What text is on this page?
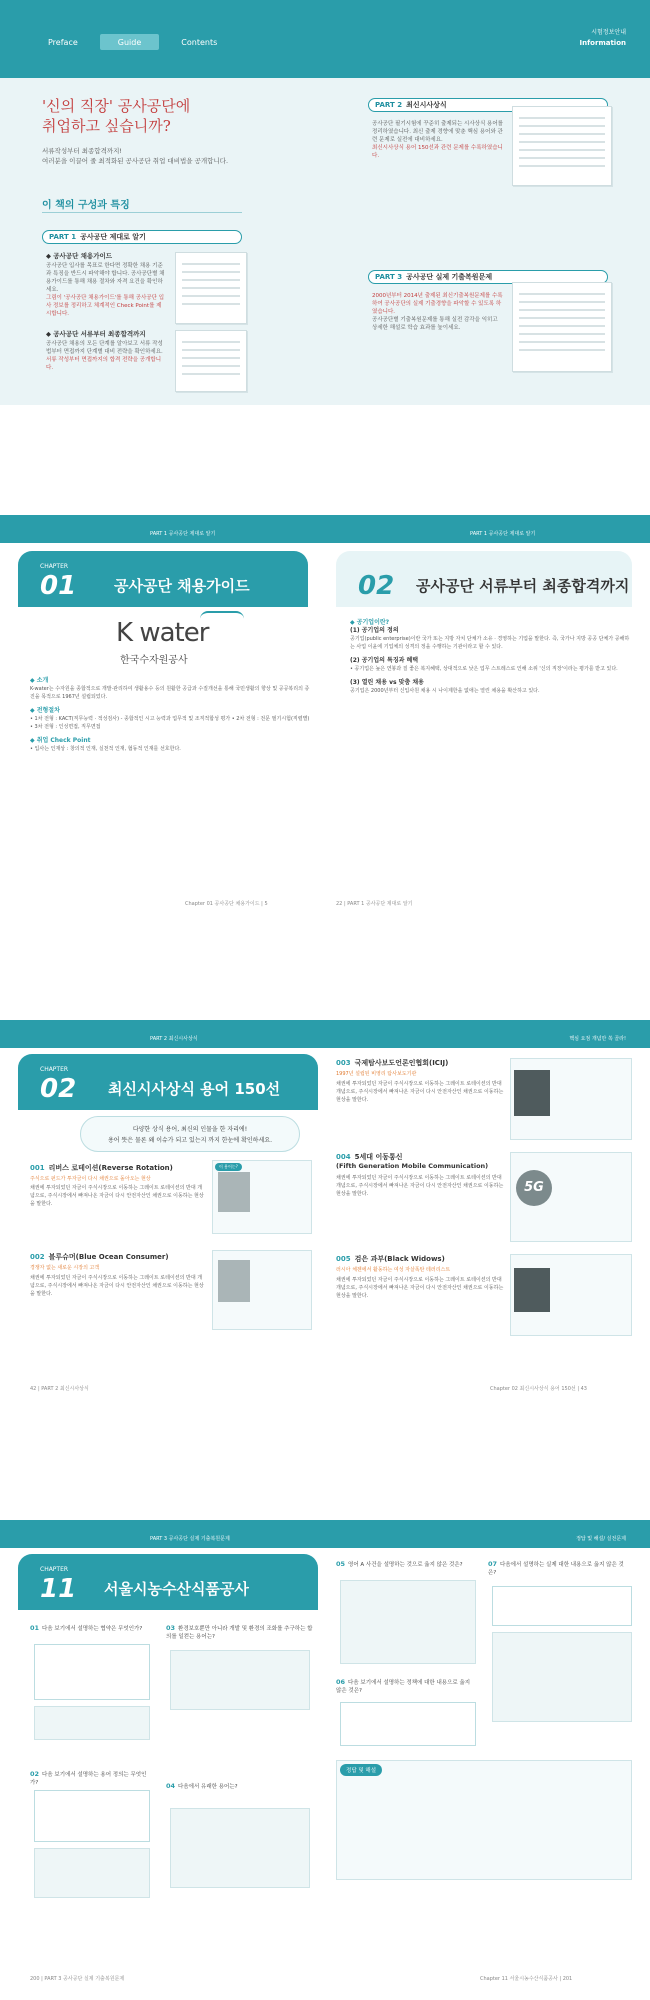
Preface	Guide	Contents
시험정보안내
Information
'신의 직장' 공사공단에
취업하고 싶습니까?

서류작성부터 최종합격까지!
여러분을 이끌어 줄 최적화된 공사공단 취업 대비법을 공개합니다.

이 책의 구성과 특징
PART 1 공사공단 제대로 알기
◆ 공사공단 채용가이드
공사공단 입사를 목표로 한다면 정확한 채용 기준과 특징을 반드시 파악해야 합니다. 공사공단별 채용가이드를 통해 채용 절차와 자격 요건을 확인하세요.
그림이 '공사공단 채용가이드'를 통해 공사공단 입사 정보를 정리하고 체계적인 Check Point를 제시합니다.
◆ 공사공단 서류부터 최종합격까지
공사공단 채용의 모든 단계를 알아보고 서류 작성법부터 면접까지 단계별 대비 전략을 확인하세요.
서류 작성부터 면접까지의 합격 전략을 공개합니다.
PART 2 최신시사상식
공사공단 필기시험에 꾸준히 출제되는 시사상식 용어를 정리하였습니다. 최신 출제 경향에 맞춘 핵심 용어와 관련 문제로 실전에 대비하세요.
최신시사상식 용어 150선과 관련 문제를 수록하였습니다.
PART 3 공사공단 실제 기출복원문제
2000년부터 2014년 출제된 최신기출복원문제를 수록하여 공사공단의 실제 기출경향을 파악할 수 있도록 하였습니다.
공사공단별 기출복원문제를 통해 실전 감각을 익히고 상세한 해설로 학습 효과를 높이세요.
PART 1 공사공단 제대로 알기	PART 1 공사공단 제대로 알기
CHAPTER
01	공사공단 채용가이드	02 공사공단 서류부터 최종합격까지
K water
한국수자원공사
◆ 소개
K-water는 수자원을 종합적으로 개발·관리하여 생활용수 등의 원활한 공급과 수질개선을 통해 국민생활의 향상 및 공공복리의 증진을 목적으로 1967년 설립되었다.
◆ 전형절차
• 1차 전형 : KACT(직무능력 · 적성검사) - 종합적인 시고 능력과 업무적 및 조직적합성 평가 • 2차 전형 : 전문 필기시험(직렬별) • 3차 전형 : 인성면접, 직무면접
◆ 취업 Check Point
• 입사는 인재상 : 창의적 인재, 실천적 인재, 협동적 인재를 선호한다.
◆ 공기업이란?
(1) 공기업의 정의
공기업(public enterprise)이란 국가 또는 지방 자치 단체가 소유 · 경영하는 기업을 말한다. 즉, 국가나 지방 공공 단체가 공해하는 사업 이윤에 기업체의 성격의 정을 수행하는 기관이라고 할 수 있다.
(2) 공기업의 특징과 혜택
• 공기업은 높은 연봉과 질 좋은 복지혜택, 상대적으로 낮은 업무 스트레스로 인해 소위 '신의 직장'이라는 평가를 받고 있다.
(3) 열린 채용 vs 맞춤 채용
공기업은 2000년부터 신입사원 채용 시 나이제한을 없애는 열린 채용을 확산하고 있다.
Chapter 01 공사공단 채용가이드 | 5	22 | PART 1 공사공단 제대로 알기
PART 2 최신시사상식	핵심 요점 개념만 쏙 골라!
CHAPTER
02 최신시사상식 용어 150선
다양한 상식 용어, 최신의 인물을 한 자리에!
용어 뜻은 물론 왜 이슈가 되고 있는지 까지 한눈에 확인하세요.
001 리버스 로테이션(Reverse Rotation)
주식으로 펀드가 투자금이 다시 채권으로 돌아오는 현상
채권에 투자되었던 자금이 주식시장으로 이동하는 그레이트 로테이션의 반대 개념으로, 주식시장에서 빠져나온 자금이 다시 안전자산인 채권으로 이동하는 현상을 말한다.
이 용어는?
002 블루슈머(Blue Ocean Consumer)
경쟁자 없는 새로운 시장의 고객
채권에 투자되었던 자금이 주식시장으로 이동하는 그레이트 로테이션의 반대 개념으로, 주식시장에서 빠져나온 자금이 다시 안전자산인 채권으로 이동하는 현상을 말한다.
003 국제탐사보도언론인협회(ICIJ)
1997년 설립된 비영리 탐사보도기관
채권에 투자되었던 자금이 주식시장으로 이동하는 그레이트 로테이션의 반대 개념으로, 주식시장에서 빠져나온 자금이 다시 안전자산인 채권으로 이동하는 현상을 말한다.
004 5세대 이동통신
(Fifth Generation Mobile Communication)
채권에 투자되었던 자금이 주식시장으로 이동하는 그레이트 로테이션의 반대 개념으로, 주식시장에서 빠져나온 자금이 다시 안전자산인 채권으로 이동하는 현상을 말한다.	5G
005 검은 과부(Black Widows)
러시아 체첸에서 활동하는 여성 자살폭탄 테러리스트
채권에 투자되었던 자금이 주식시장으로 이동하는 그레이트 로테이션의 반대 개념으로, 주식시장에서 빠져나온 자금이 다시 안전자산인 채권으로 이동하는 현상을 말한다.
42 | PART 2 최신시사상식	Chapter 02 최신시사상식 용어 150선 | 43
PART 3 공사공단 실제 기출복원문제	정답 및 해설/ 실전문제
CHAPTER
11 서울시농수산식품공사
01 다음 보기에서 설명하는 협약은 무엇인가?
02 다음 보기에서 설명하는 용어 정의는 무엇인가?
03 환경보호뿐만 아니라 개발 및 환경의 조화를 추구하는 합의를 일컫는 용어는?
04 다음에서 유래한 용어는?
05 영어 A 사건을 설명하는 것으로 옳지 않은 것은?
06 다음 보기에서 설명하는 정책에 대한 내용으로 옳지 않은 것은?
07 다음에서 설명하는 실제 대한 내용으로 옳지 않은 것은?
정답 및 해설
200 | PART 3 공사공단 실제 기출복원문제	Chapter 11 서울시농수산식품공사 | 201
